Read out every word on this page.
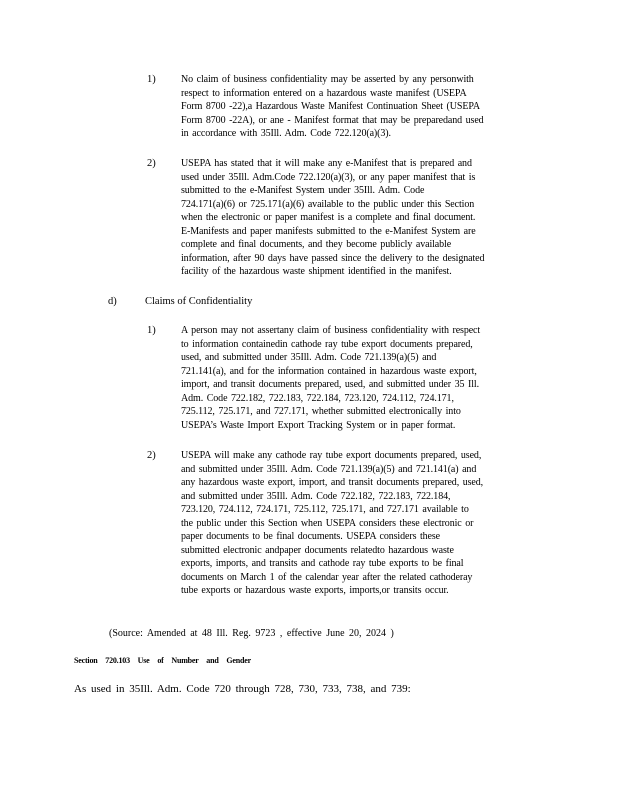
1)	No claim of business confidentiality may be asserted by any personwith
respect to information entered on a hazardous waste manifest (USEPA
Form 8700 -22),a Hazardous Waste Manifest Continuation Sheet (USEPA
Form 8700 -22A), or ane - Manifest format that may be preparedand used
in accordance with 35Ill. Adm. Code 722.120(a)(3).
2)	USEPA has stated that it will make any e-Manifest that is prepared and
used under 35Ill. Adm.Code 722.120(a)(3), or any paper manifest that is
submitted to the e-Manifest System under 35Ill. Adm. Code
724.171(a)(6) or 725.171(a)(6) available to the public under this Section
when the electronic or paper manifest is a complete and final document.
E-Manifests and paper manifests submitted to the e-Manifest System are
complete and final documents, and they become publicly available
information, after 90 days have passed since the delivery to the designated
facility of the hazardous waste shipment identified in the manifest.
d)	Claims of Confidentiality
1)	A person may not assertany claim of business confidentiality with respect
to information containedin cathode ray tube export documents prepared,
used, and submitted under 35Ill. Adm. Code 721.139(a)(5) and
721.141(a), and for the information contained in hazardous waste export,
import, and transit documents prepared, used, and submitted under 35 Ill.
Adm. Code 722.182, 722.183, 722.184, 723.120, 724.112, 724.171,
725.112, 725.171, and 727.171, whether submitted electronically into
USEPA’s Waste Import Export Tracking System or in paper format.
2)	USEPA will make any cathode ray tube export documents prepared, used,
and submitted under 35Ill. Adm. Code 721.139(a)(5) and 721.141(a) and
any hazardous waste export, import, and transit documents prepared, used,
and submitted under 35Ill. Adm. Code 722.182, 722.183, 722.184,
723.120, 724.112, 724.171, 725.112, 725.171, and 727.171 available to
the public under this Section when USEPA considers these electronic or
paper documents to be final documents. USEPA considers these
submitted electronic andpaper documents relatedto hazardous waste
exports, imports, and transits and cathode ray tube exports to be final
documents on March 1 of the calendar year after the related cathoderay
tube exports or hazardous waste exports, imports,or transits occur.
(Source: Amended at 48 Ill. Reg. 9723 , effective June 20, 2024 )
Section 720.103 Use of Number and Gender
As used in 35Ill. Adm. Code 720 through 728, 730, 733, 738, and 739:
